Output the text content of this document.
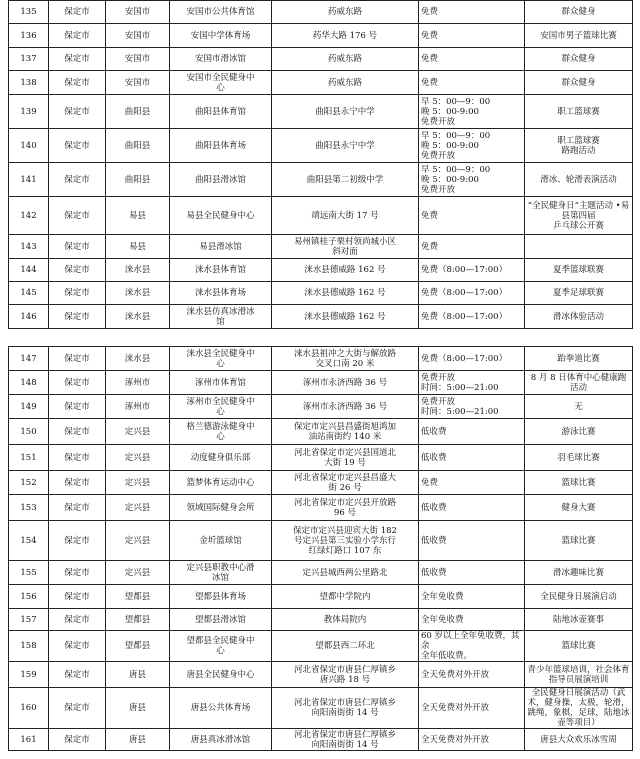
135	保定市	安国市	安国市公共体育馆	药威东路	免费	群众健身
136	保定市	安国市	安国中学体育场	药华大路 176 号	免费	安国市男子篮球比赛
137	保定市	安国市	安国市滑冰馆	药威东路	免费	群众健身
138	保定市	安国市	安国市全民健身中
心	药威东路	免费	群众健身
139	保定市	曲阳县	曲阳县体育馆	曲阳县永宁中学	早 5：00—9：00
晚 5：00-9:00
免费开放	职工篮球赛
140	保定市	曲阳县	曲阳县体育场	曲阳县永宁中学	早 5：00—9：00
晚 5：00-9:00
免费开放	职工篮球赛
路跑活动
141	保定市	曲阳县	曲阳县滑冰馆	曲阳县第二初级中学	早 5：00—9：00
晚 5：00-9:00
免费开放	滑冰、轮滑表演活动
142	保定市	易县	易县全民健身中心	靖远南大街 17 号	免费	“全民健身日”主题活动 •易
县第四届
乒乓球公开赛
143	保定市	易县	易县滑冰馆	易州镇桂子栗村领尚城小区
斜对面	免费	
144	保定市	涞水县	涞水县体育馆	涞水县德威路 162 号	免费（8:00—17:00）	夏季篮球联赛
145	保定市	涞水县	涞水县体育场	涞水县德威路 162 号	免费（8:00—17:00）	夏季足球联赛
146	保定市	涞水县	涞水县仿真冰滑冰
馆	涞水县德威路 162 号	免费（8:00—17:00）	滑冰体验活动
147	保定市	涞水县	涞水县全民健身中
心	涞水县祖冲之大街与解放路
交叉口南 20 米	免费（8:00—17:00）	跆拳道比赛
148	保定市	涿州市	涿州市体育馆	涿州市永济西路 36 号	免费开放
时间：5:00—21:00	8 月 8 日体育中心健康跑
活动
149	保定市	涿州市	涿州市全民健身中
心	涿州市永济西路 36 号	免费开放
时间：5:00—21:00	无
150	保定市	定兴县	格兰德游泳健身中
心	保定市定兴县昌盛街旭鸿加
油站南街约 140 米	低收费	游泳比赛
151	保定市	定兴县	动度健身俱乐部	河北省保定市定兴县国道北
大街 19 号	低收费	羽毛球比赛
152	保定市	定兴县	篮梦体育运动中心	河北省保定市定兴县昌盛大
街 26 号	免费	篮球比赛
153	保定市	定兴县	领域国际健身会所	河北省保定市定兴县开放路
96 号	低收费	健身大赛
154	保定市	定兴县	金圻篮球馆	保定市定兴县迎宾大街 182
号定兴县第三实验小学东行
红绿灯路口 107 东	低收费	篮球比赛
155	保定市	定兴县	定兴县职教中心滑
冰馆	定兴县城西两公里路北	低收费	滑冰趣味比赛
156	保定市	望都县	望都县体育场	望都中学院内	全年免收费	全民健身日展演启动
157	保定市	望都县	望都县滑冰馆	教体局院内	全年免收费	陆地冰壶赛事
158	保定市	望都县	望都县全民健身中
心	望都县西二环北	60 岁以上全年免收费，其余
全年低收费。	篮球比赛
159	保定市	唐县	唐县全民健身中心	河北省保定市唐县仁厚镇乡
唐兴路 18 号	全天免费对外开放	青少年篮球培训，社会体育
指导员展演培训
160	保定市	唐县	唐县公共体育场	河北省保定市唐县仁厚镇乡
向阳南街街 14 号	全天免费对外开放	全民健身日展演活动（武
术，健身操，太极，轮滑，
跳绳，象棋，足球，陆地冰
壶等项目）
161	保定市	唐县	唐县真冰滑冰馆	河北省保定市唐县仁厚镇乡
向阳南街街 14 号	全天免费对外开放	唐县大众欢乐冰雪周
